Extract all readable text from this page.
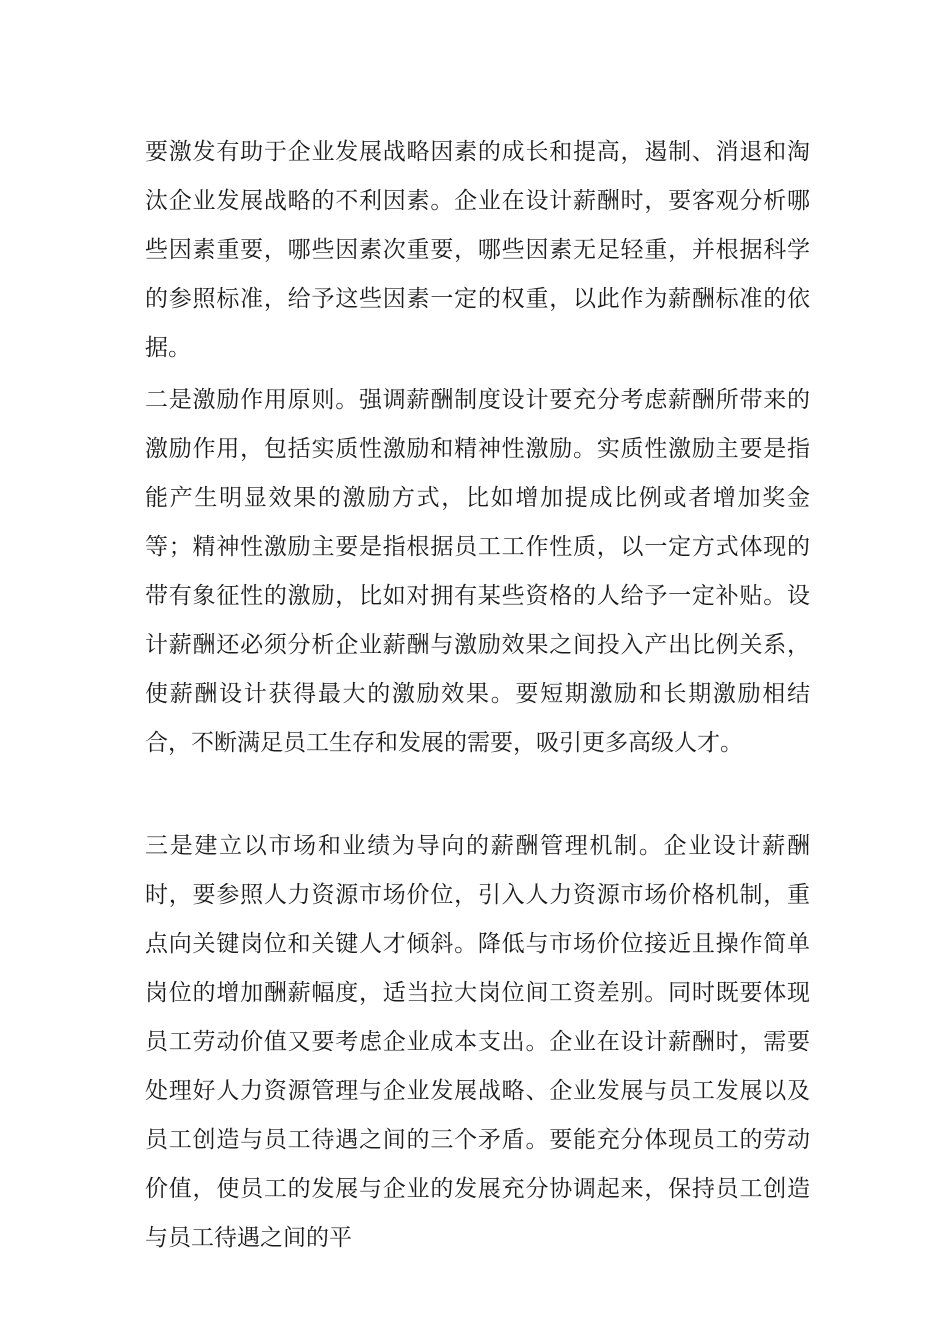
要激发有助于企业发展战略因素的成长和提高，遏制、消退和淘汰企业发展战略的不利因素。企业在设计薪酬时，要客观分析哪些因素重要，哪些因素次重要，哪些因素无足轻重，并根据科学的参照标准，给予这些因素一定的权重，以此作为薪酬标准的依据。

二是激励作用原则。强调薪酬制度设计要充分考虑薪酬所带来的激励作用，包括实质性激励和精神性激励。实质性激励主要是指能产生明显效果的激励方式，比如增加提成比例或者增加奖金等；精神性激励主要是指根据员工工作性质，以一定方式体现的带有象征性的激励，比如对拥有某些资格的人给予一定补贴。设计薪酬还必须分析企业薪酬与激励效果之间投入产出比例关系，使薪酬设计获得最大的激励效果。要短期激励和长期激励相结合，不断满足员工生存和发展的需要，吸引更多高级人才。

三是建立以市场和业绩为导向的薪酬管理机制。企业设计薪酬时，要参照人力资源市场价位，引入人力资源市场价格机制，重点向关键岗位和关键人才倾斜。降低与市场价位接近且操作简单岗位的增加酬薪幅度，适当拉大岗位间工资差别。同时既要体现员工劳动价值又要考虑企业成本支出。企业在设计薪酬时，需要处理好人力资源管理与企业发展战略、企业发展与员工发展以及员工创造与员工待遇之间的三个矛盾。要能充分体现员工的劳动价值，使员工的发展与企业的发展充分协调起来，保持员工创造与员工待遇之间的平
